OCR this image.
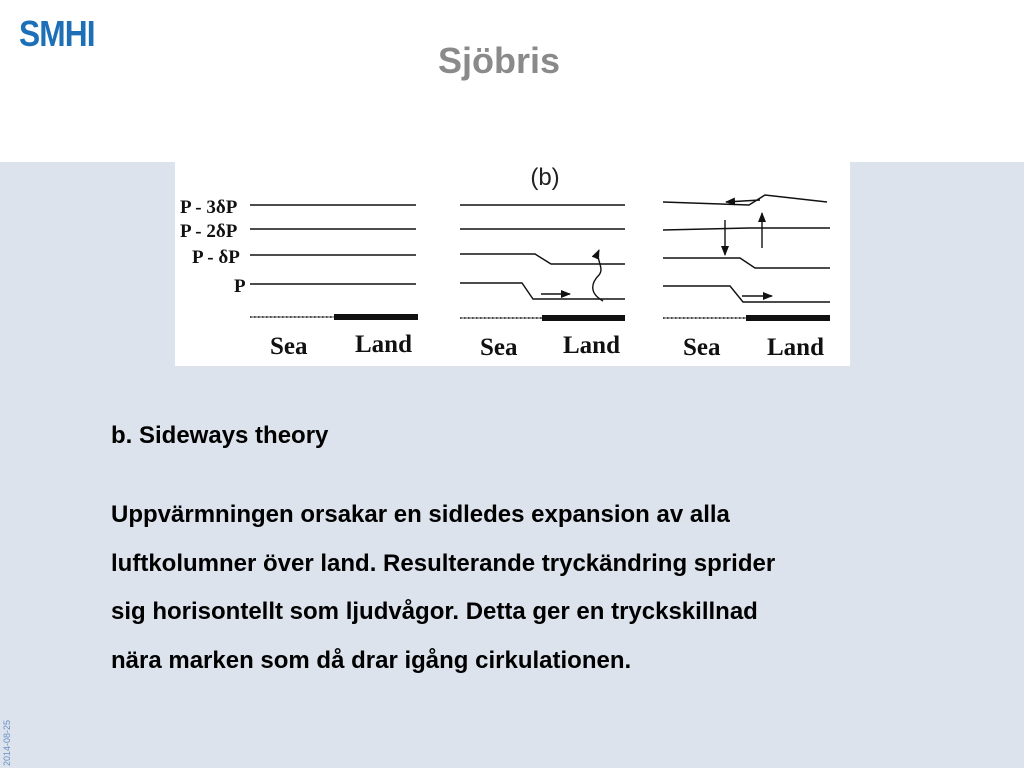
SMHI
Sjöbris
(b)
P - 3δP
P - 2δP
P - δP
P
Sea Land	Sea Land	Sea Land
b. Sideways theory

Uppvärmningen orsakar en sidledes expansion av alla
luftkolumner över land. Resulterande tryckändring sprider
sig horisontellt som ljudvågor. Detta ger en tryckskillnad
nära marken som då drar igång cirkulationen.

2014-08-25
